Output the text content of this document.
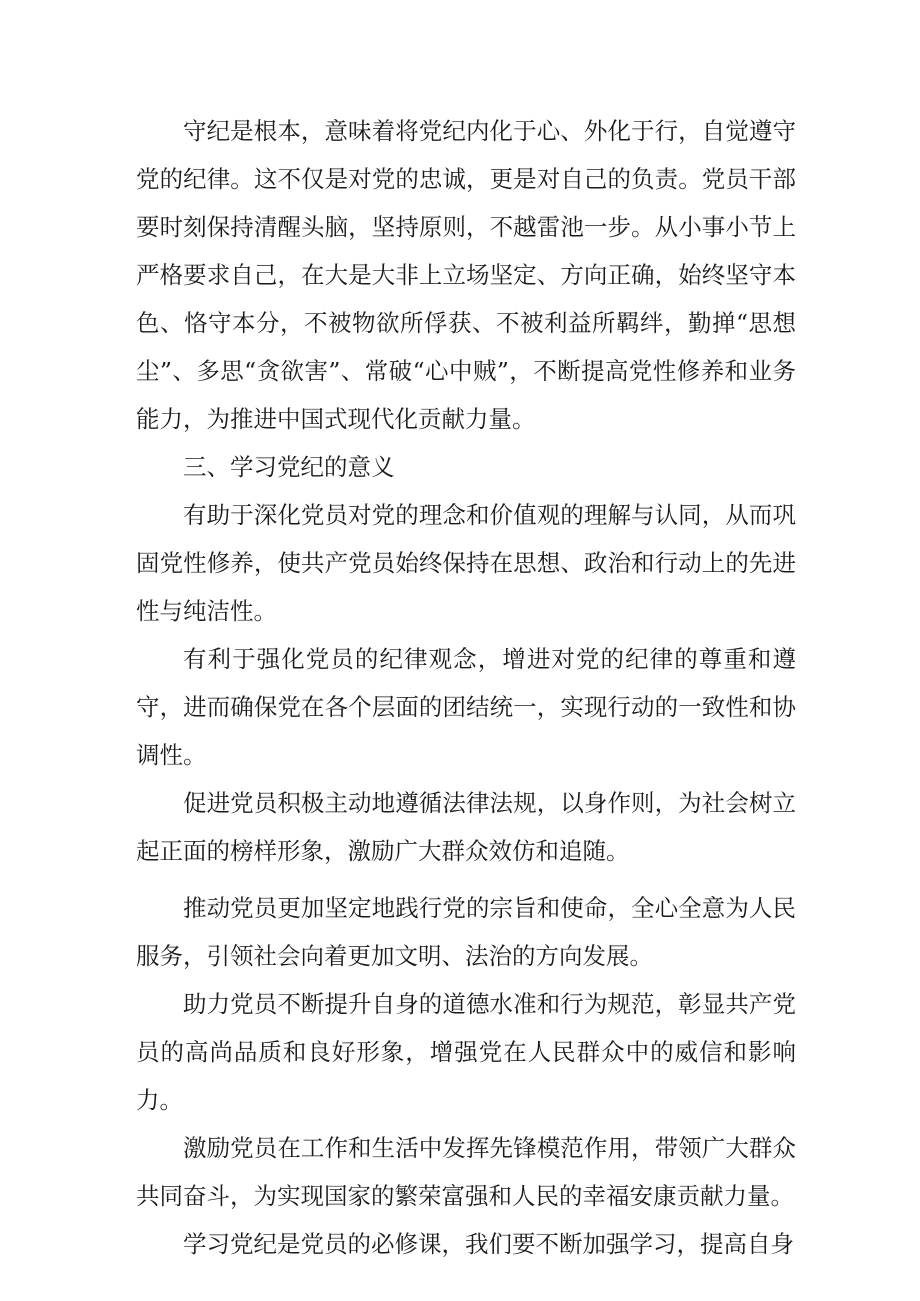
守纪是根本，意味着将党纪内化于心、外化于行，自觉遵守党的纪律。这不仅是对党的忠诚，更是对自己的负责。党员干部要时刻保持清醒头脑，坚持原则，不越雷池一步。从小事小节上严格要求自己，在大是大非上立场坚定、方向正确，始终坚守本色、恪守本分，不被物欲所俘获、不被利益所羁绊，勤掸“思想尘”、多思“贪欲害”、常破“心中贼”，不断提高党性修养和业务能力，为推进中国式现代化贡献力量。

三、学习党纪的意义

有助于深化党员对党的理念和价值观的理解与认同，从而巩固党性修养，使共产党员始终保持在思想、政治和行动上的先进性与纯洁性。

有利于强化党员的纪律观念，增进对党的纪律的尊重和遵守，进而确保党在各个层面的团结统一，实现行动的一致性和协调性。

促进党员积极主动地遵循法律法规，以身作则，为社会树立起正面的榜样形象，激励广大群众效仿和追随。

推动党员更加坚定地践行党的宗旨和使命，全心全意为人民服务，引领社会向着更加文明、法治的方向发展。

助力党员不断提升自身的道德水准和行为规范，彰显共产党员的高尚品质和良好形象，增强党在人民群众中的威信和影响力。

激励党员在工作和生活中发挥先锋模范作用，带领广大群众共同奋斗，为实现国家的繁荣富强和人民的幸福安康贡献力量。

学习党纪是党员的必修课，我们要不断加强学习，提高自身
